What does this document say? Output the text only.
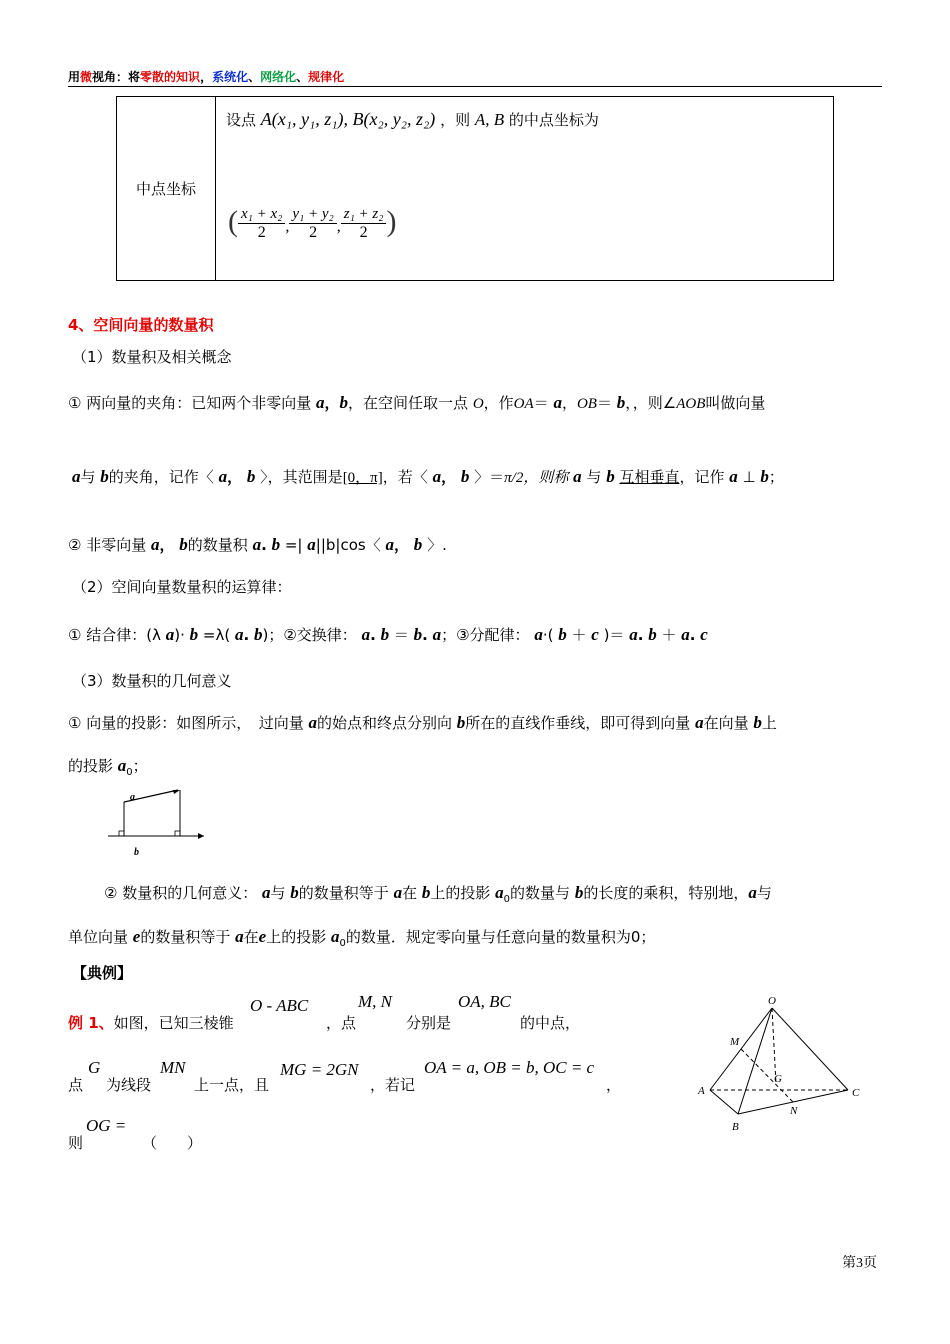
用微视角：将零散的知识，系统化、网络化、规律化
中点坐标	
设点 A(x₁, y₁, z₁), B(x₂, y₂, z₂) ，则 A, B 的中点坐标为
( $\frac{\text{x₁ + x₂}}{2}$ , $\frac{\text{y₁ + y₂}}{2}$ , $\frac{\text{z₁ + z₂}}{2}$ )
4、空间向量的数量积
（1）数量积及相关概念
① 两向量的夹角：已知两个非零向量 a，b，在空间任取一点 O，作OA＝ a，OB＝ b，，则∠AOB叫做向量
a与 b的夹角，记作〈 a， b 〉，其范围是[0，π]，若〈 a， b 〉＝π/2，则称 a 与 b 互相垂直，记作 a ⊥ b；
② 非零向量 a， b的数量积 a. b =| a||b|cos〈 a， b 〉.
（2）空间向量数量积的运算律：
① 结合律：(λ a)· b =λ( a. b)；②交换律： a. b ＝ b. a；③分配律： a·( b ＋ c )＝ a. b ＋ a. c
（3）数量积的几何意义
① 向量的投影：如图所示，　过向量 a的始点和终点分别向 b所在的直线作垂线，即可得到向量 a在向量 b上
的投影 $a_0$；
a
b
② 数量积的几何意义： a与 b的数量积等于 a在 b上的投影 $a_0$的数量与 b的长度的乘积，特别地，a与
单位向量 e的数量积等于 a在e上的投影 $a_0$的数量．规定零向量与任意向量的数量积为0；
【典例】
例 1、如图，已知三棱锥
O - ABC
，点
M, N
分别是
OA, BC
的中点，
点
G
为线段
MN
上一点，且
MG = 2GN
，若记
OA = a, OB = b, OC = c
，
则
OG =
（　　）
O
M
A
G
C
N
B
第3页
